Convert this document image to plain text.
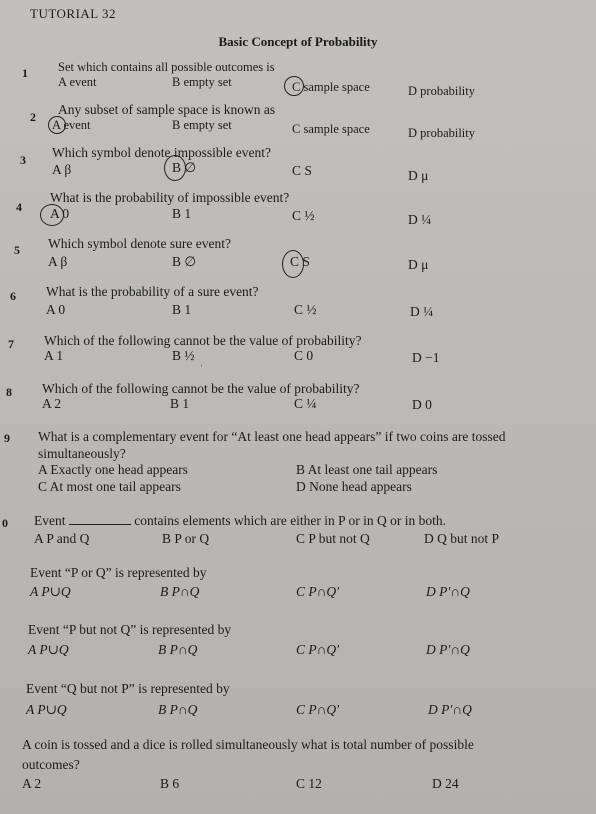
TUTORIAL 32
Basic Concept of Probability
1 Set which contains all possible outcomes is
A event	B empty set	C sample space	D probability
2 Any subset of sample space is known as
A event	B empty set	C sample space	D probability
3 Which symbol denote impossible event?
A β	B ∅	C S	D μ
4
What is the probability of impossible event?
A 0	B 1	C ½	D ¼
5 Which symbol denote sure event?
A β	B ∅	C S	D μ
6 What is the probability of a sure event?
A 0	B 1	C ½	D ¼
7 Which of the following cannot be the value of probability?
A 1	B ½	C 0	D −1
ˈ
8 Which of the following cannot be the value of probability?
A 2	B 1	C ¼	D 0
9 What is a complementary event for “At least one head appears” if two coins are tossed
simultaneously?
A Exactly one head appears	B At least one tail appears
C At most one tail appears	D None head appears
0 Event	contains elements which are either in P or in Q or in both.
A P and Q	B P or Q	C P but not Q	D Q but not P
Event “P or Q” is represented by
A P∪Q	B P∩Q	C P∩Q′	D P′∩Q
Event “P but not Q” is represented by
A P∪Q	B P∩Q	C P∩Q′	D P′∩Q
Event “Q but not P” is represented by
A P∪Q	B P∩Q	C P∩Q′	D P′∩Q
A coin is tossed and a dice is rolled simultaneously what is total number of possible
outcomes?
A 2	B 6	C 12	D 24
